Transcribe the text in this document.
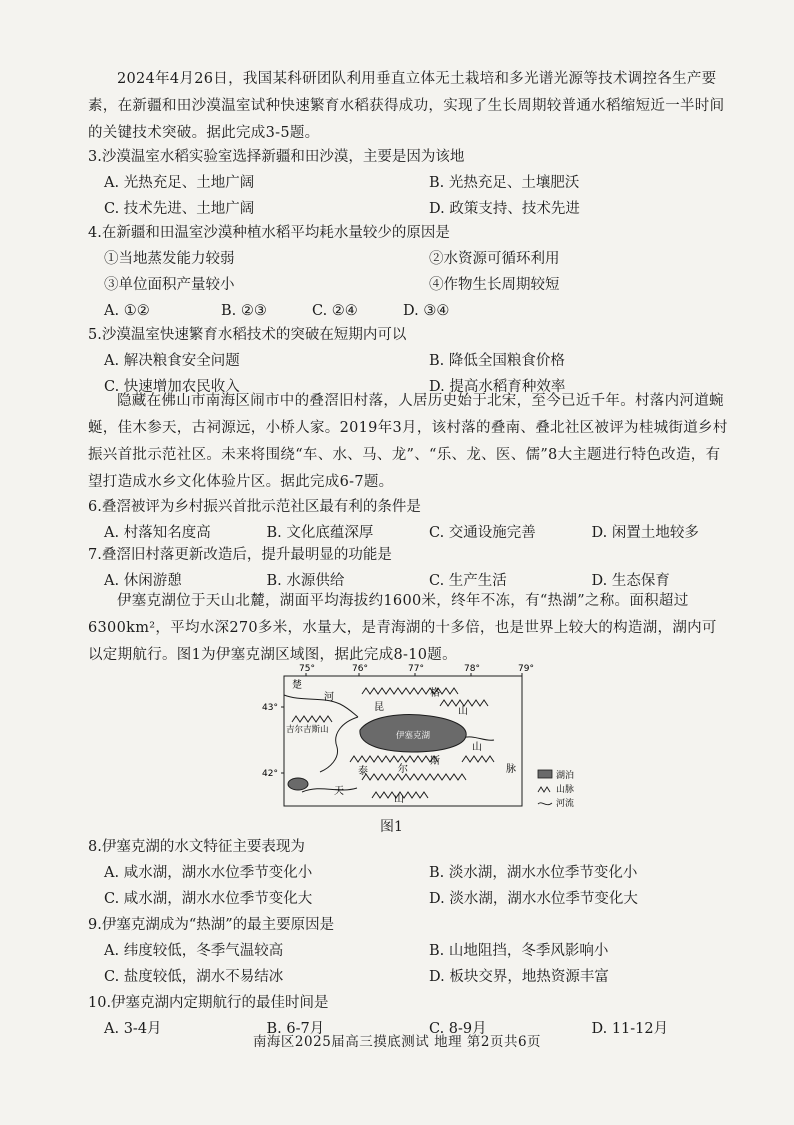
2024年4月26日，我国某科研团队利用垂直立体无土栽培和多光谱光源等技术调控各生产要素，在新疆和田沙漠温室试种快速繁育水稻获得成功，实现了生长周期较普通水稻缩短近一半时间的关键技术突破。据此完成3-5题。
3.沙漠温室水稻实验室选择新疆和田沙漠，主要是因为该地
A. 光热充足、土地广阔	B. 光热充足、土壤肥沃
C. 技术先进、土地广阔	D. 政策支持、技术先进
4.在新疆和田温室沙漠种植水稻平均耗水量较少的原因是
①当地蒸发能力较弱	②水资源可循环利用
③单位面积产量较小	④作物生长周期较短
A. ①②	B. ②③	C. ②④	D. ③④
5.沙漠温室快速繁育水稻技术的突破在短期内可以
A. 解决粮食安全问题	B. 降低全国粮食价格
C. 快速增加农民收入	D. 提高水稻育种效率
隐藏在佛山市南海区闹市中的叠滘旧村落，人居历史始于北宋，至今已近千年。村落内河道蜿蜒，佳木参天，古祠源远，小桥人家。2019年3月，该村落的叠南、叠北社区被评为桂城街道乡村振兴首批示范社区。未来将围绕“车、水、马、龙”、“乐、龙、医、儒”8大主题进行特色改造，有望打造成水乡文化体验片区。据此完成6-7题。
6.叠滘被评为乡村振兴首批示范社区最有利的条件是
A. 村落知名度高	B. 文化底蕴深厚	C. 交通设施完善	D. 闲置土地较多
7.叠滘旧村落更新改造后，提升最明显的功能是
A. 休闲游憩	B. 水源供给	C. 生产生活	D. 生态保育
伊塞克湖位于天山北麓，湖面平均海拔约1600米，终年不冻，有“热湖”之称。面积超过6300km²，平均水深270多米，水量大，是青海湖的十多倍，也是世界上较大的构造湖，湖内可以定期航行。图1为伊塞克湖区域图，据此完成8-10题。
75°	76°	77°	78°	79°
43°
42°
伊塞克湖
楚
河
吉尔吉斯山
昆
格
山
泰	尔
斯
山
脉
天
山
湖泊
山脉
河流
图1
8.伊塞克湖的水文特征主要表现为
A. 咸水湖，湖水水位季节变化小	B. 淡水湖，湖水水位季节变化小
C. 咸水湖，湖水水位季节变化大	D. 淡水湖，湖水水位季节变化大
9.伊塞克湖成为“热湖”的最主要原因是
A. 纬度较低，冬季气温较高	B. 山地阻挡，冬季风影响小
C. 盐度较低，湖水不易结冰	D. 板块交界，地热资源丰富
10.伊塞克湖内定期航行的最佳时间是
A. 3-4月	B. 6-7月	C. 8-9月	D. 11-12月
南海区2025届高三摸底测试 地理 第2页共6页
